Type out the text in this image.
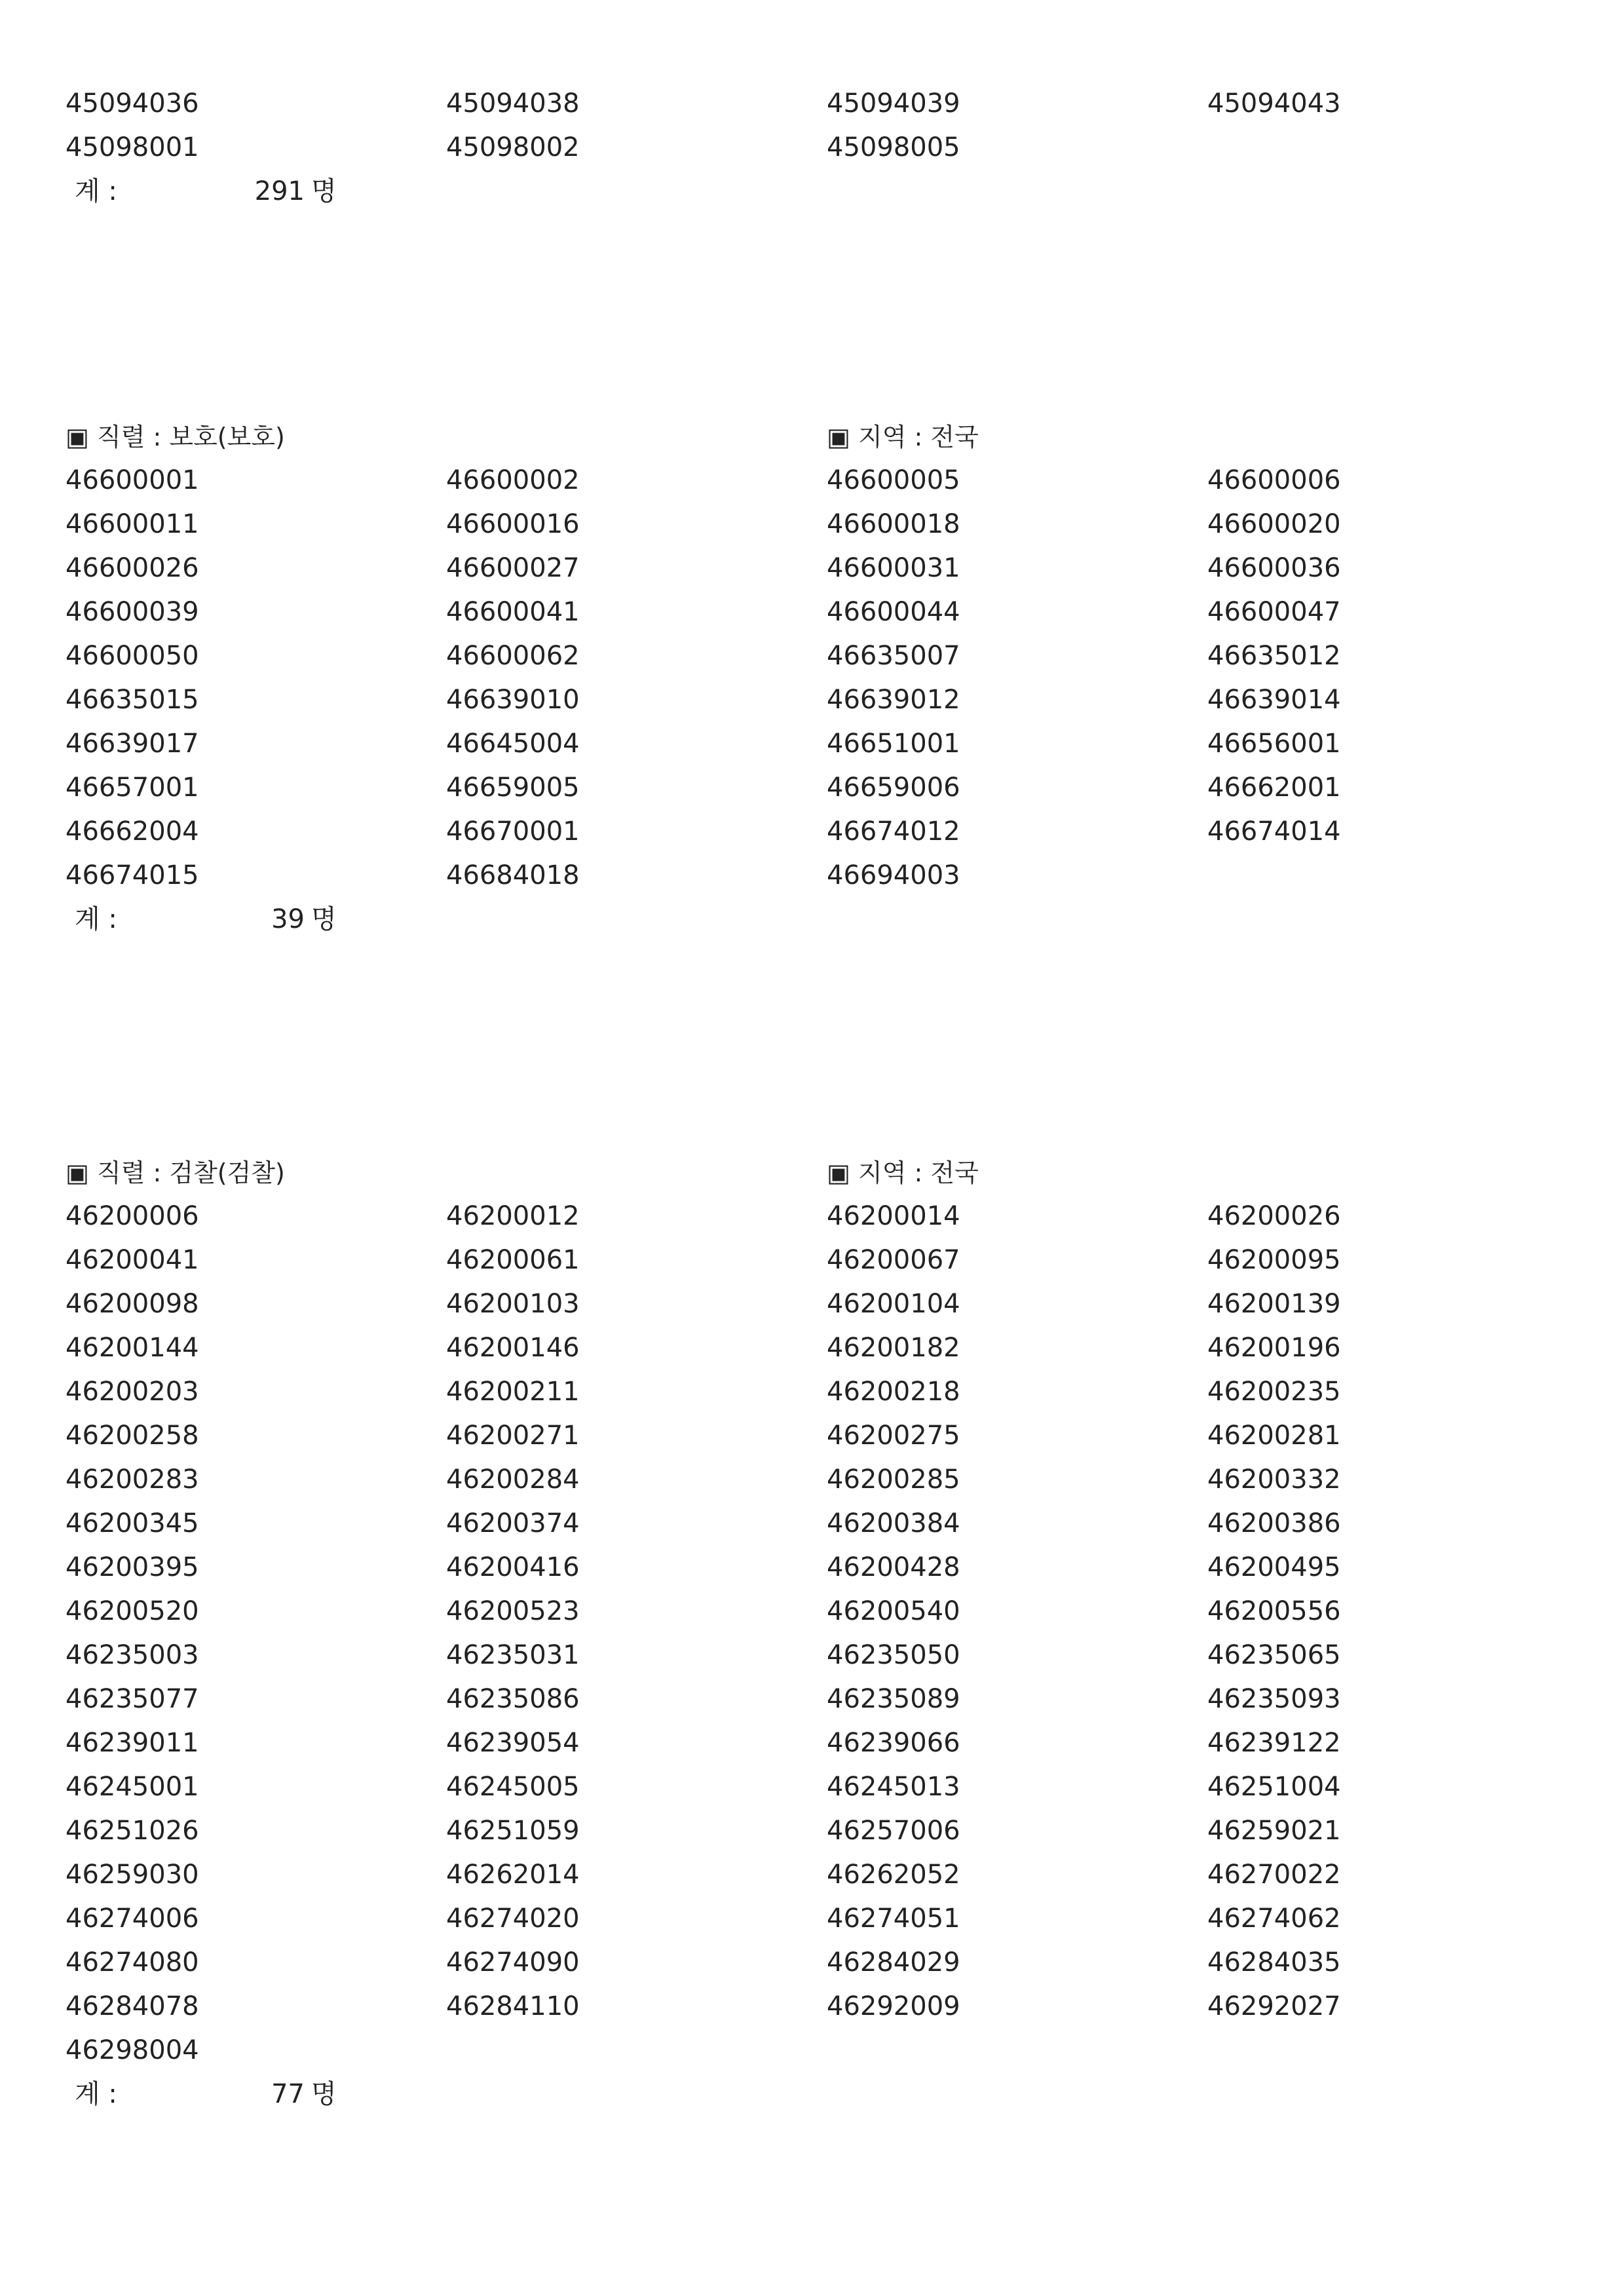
45094036	45094038	45094039	45094043
45098001	45098002	45098005
계 :	291 명
▣ 직렬 : 보호(보호)	▣ 지역 : 전국
46600001	46600002	46600005	46600006
46600011	46600016	46600018	46600020
46600026	46600027	46600031	46600036
46600039	46600041	46600044	46600047
46600050	46600062	46635007	46635012
46635015	46639010	46639012	46639014
46639017	46645004	46651001	46656001
46657001	46659005	46659006	46662001
46662004	46670001	46674012	46674014
46674015	46684018	46694003
계 :	39 명
▣ 직렬 : 검찰(검찰)	▣ 지역 : 전국
46200006	46200012	46200014	46200026
46200041	46200061	46200067	46200095
46200098	46200103	46200104	46200139
46200144	46200146	46200182	46200196
46200203	46200211	46200218	46200235
46200258	46200271	46200275	46200281
46200283	46200284	46200285	46200332
46200345	46200374	46200384	46200386
46200395	46200416	46200428	46200495
46200520	46200523	46200540	46200556
46235003	46235031	46235050	46235065
46235077	46235086	46235089	46235093
46239011	46239054	46239066	46239122
46245001	46245005	46245013	46251004
46251026	46251059	46257006	46259021
46259030	46262014	46262052	46270022
46274006	46274020	46274051	46274062
46274080	46274090	46284029	46284035
46284078	46284110	46292009	46292027
46298004
계 :	77 명
